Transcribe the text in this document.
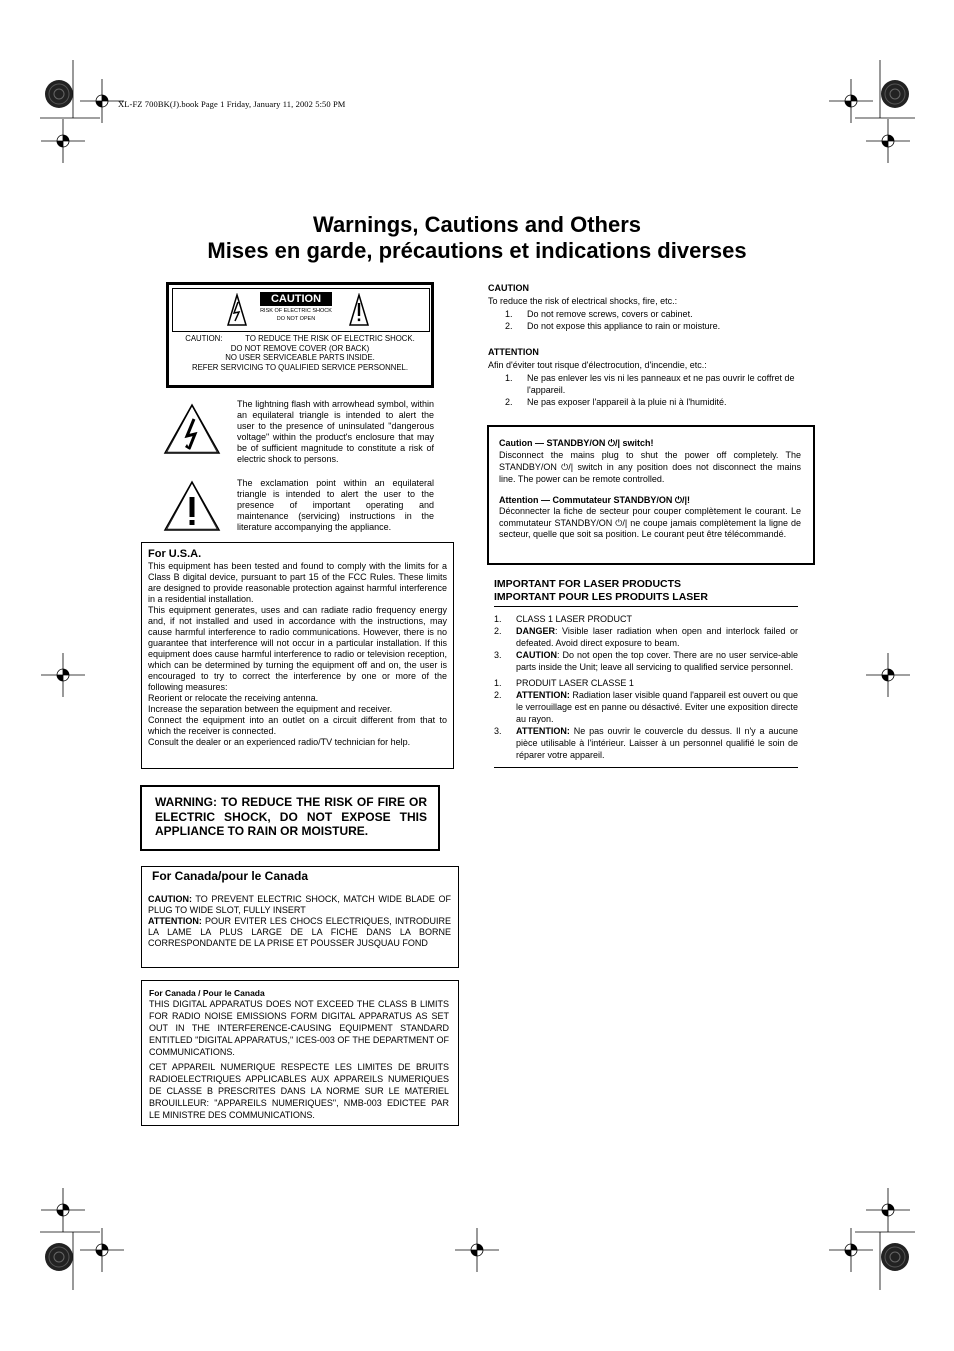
XL-FZ 700BK(J).book Page 1 Friday, January 11, 2002 5:50 PM
Warnings, Cautions and Others
Mises en garde, précautions et indications diverses
CAUTION
RISK OF ELECTRIC SHOCK
DO NOT OPEN
CAUTION:	TO REDUCE THE RISK OF ELECTRIC SHOCK.
DO NOT REMOVE COVER (OR BACK)
NO USER SERVICEABLE PARTS INSIDE.
REFER SERVICING TO QUALIFIED SERVICE PERSONNEL.
The lightning flash with arrowhead symbol, within an equilateral triangle is intended to alert the user to the presence of uninsulated "dangerous voltage" within the product's enclosure that may be of sufficient magnitude to constitute a risk of electric shock to persons.
The exclamation point within an equilateral triangle is intended to alert the user to the presence of important operating and maintenance (servicing) instructions in the literature accompanying the appliance.
For U.S.A.
This equipment has been tested and found to comply with the limits for a Class B digital device, pursuant to part 15 of the FCC Rules. These limits are designed to provide reasonable protection against harmful interference in a residential installation.
This equipment generates, uses and can radiate radio frequency energy and, if not installed and used in accordance with the instructions, may cause harmful interference to radio communications. However, there is no guarantee that interference will not occur in a particular installation. If this equipment does cause harmful interference to radio or television reception, which can be determined by turning the equipment off and on, the user is encouraged to try to correct the interference by one or more of the following measures:
Reorient or relocate the receiving antenna.
Increase the separation between the equipment and receiver.
Connect the equipment into an outlet on a circuit different from that to which the receiver is connected.
Consult the dealer or an experienced radio/TV technician for help.
WARNING: TO REDUCE THE RISK OF FIRE OR ELECTRIC SHOCK, DO NOT EXPOSE THIS APPLIANCE TO RAIN OR MOISTURE.
For Canada/pour le Canada
CAUTION: TO PREVENT ELECTRIC SHOCK, MATCH WIDE BLADE OF PLUG TO WIDE SLOT, FULLY INSERT
ATTENTION: POUR EVITER LES CHOCS ELECTRIQUES, INTRODUIRE LA LAME LA PLUS LARGE DE LA FICHE DANS LA BORNE CORRESPONDANTE DE LA PRISE ET POUSSER JUSQUAU FOND
For Canada / Pour le Canada
THIS DIGITAL APPARATUS DOES NOT EXCEED THE CLASS B LIMITS FOR RADIO NOISE EMISSIONS FORM DIGITAL APPARATUS AS SET OUT IN THE INTERFERENCE-CAUSING EQUIPMENT STANDARD ENTITLED "DIGITAL APPARATUS," ICES-003 OF THE DEPARTMENT OF COMMUNICATIONS.
CET APPAREIL NUMERIQUE RESPECTE LES LIMITES DE BRUITS RADIOELECTRIQUES APPLICABLES AUX APPAREILS NUMERIQUES DE CLASSE B PRESCRITES DANS LA NORME SUR LE MATERIEL BROUILLEUR: "APPAREILS NUMERIQUES", NMB-003 EDICTEE PAR LE MINISTRE DES COMMUNICATIONS.
CAUTION
To reduce the risk of electrical shocks, fire, etc.:
1. Do not remove screws, covers or cabinet.
2. Do not expose this appliance to rain or moisture.
ATTENTION
Afin d'éviter tout risque d'électrocution, d'incendie, etc.:
1. Ne pas enlever les vis ni les panneaux et ne pas ouvrir le coffret de l'appareil.
2. Ne pas exposer l'appareil à la pluie ni à l'humidité.
Caution — STANDBY/ON ⏻/| switch!
Disconnect the mains plug to shut the power off completely. The STANDBY/ON ⏻/| switch in any position does not disconnect the mains line. The power can be remote controlled.
Attention — Commutateur STANDBY/ON ⏻/|!
Déconnecter la fiche de secteur pour couper complètement le courant. Le commutateur STANDBY/ON ⏻/| ne coupe jamais complètement la ligne de secteur, quelle que soit sa position. Le courant peut être télécommandé.
IMPORTANT FOR LASER PRODUCTS
IMPORTANT POUR LES PRODUITS LASER
1. CLASS 1 LASER PRODUCT
2. DANGER: Visible laser radiation when open and interlock failed or defeated. Avoid direct exposure to beam.
3. CAUTION: Do not open the top cover. There are no user service-able parts inside the Unit; leave all servicing to qualified service personnel.
1. PRODUIT LASER CLASSE 1
2. ATTENTION: Radiation laser visible quand l'appareil est ouvert ou que le verrouillage est en panne ou désactivé. Eviter une exposition directe au rayon.
3. ATTENTION: Ne pas ouvrir le couvercle du dessus. Il n'y a aucune pièce utilisable à l'intérieur. Laisser à un personnel qualifié le soin de réparer votre appareil.
